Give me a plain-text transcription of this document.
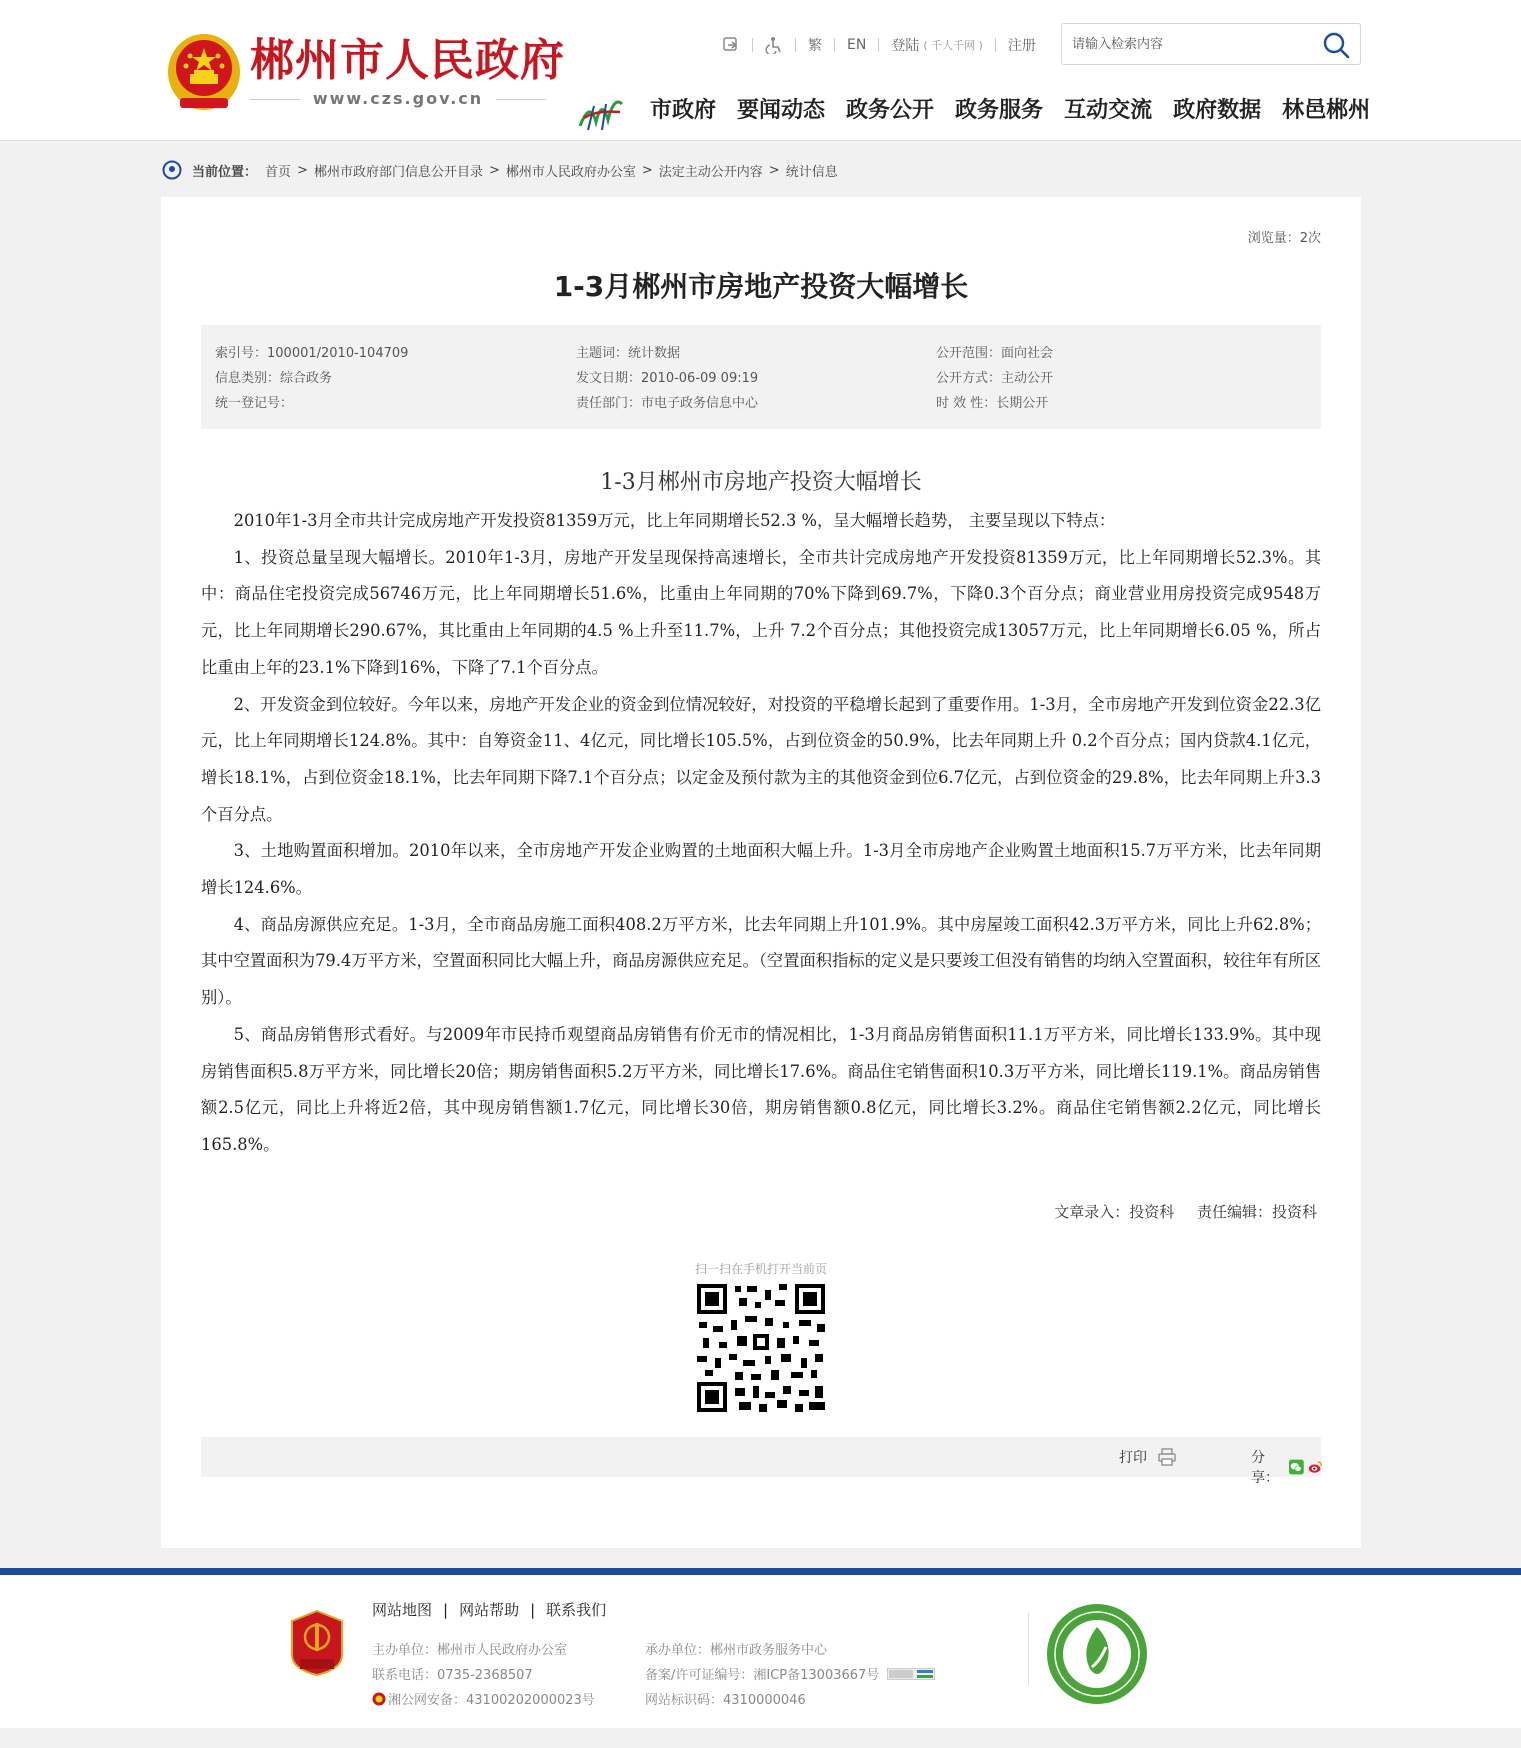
郴州市人民政府
www.czs.gov.cn
繁 EN 登陆 ( 千人千网 ) 注册
请输入检索内容
市政府 要闻动态 政务公开 政务服务 互动交流 政府数据 林邑郴州
当前位置： 首页 > 郴州市政府部门信息公开目录 > 郴州市人民政府办公室 > 法定主动公开内容 > 统计信息
浏览量：2次
1-3月郴州市房地产投资大幅增长
索引号：100001/2010-104709	主题词：统计数据	公开范围：面向社会
信息类别：综合政务	发文日期：2010-06-09 09:19	公开方式：主动公开
统一登记号：	责任部门：市电子政务信息中心	时 效 性：长期公开
1-3月郴州市房地产投资大幅增长

2010年1-3月全市共计完成房地产开发投资81359万元，比上年同期增长52.3 %，呈大幅增长趋势， 主要呈现以下特点：

1、投资总量呈现大幅增长。2010年1-3月，房地产开发呈现保持高速增长，全市共计完成房地产开发投资81359万元，比上年同期增长52.3%。其中：商品住宅投资完成56746万元，比上年同期增长51.6%，比重由上年同期的70%下降到69.7%，下降0.3个百分点；商业营业用房投资完成9548万元，比上年同期增长290.67%，其比重由上年同期的4.5 %上升至11.7%，上升 7.2个百分点；其他投资完成13057万元，比上年同期增长6.05 %，所占比重由上年的23.1%下降到16%，下降了7.1个百分点。

2、开发资金到位较好。今年以来，房地产开发企业的资金到位情况较好，对投资的平稳增长起到了重要作用。1-3月，全市房地产开发到位资金22.3亿元，比上年同期增长124.8%。其中：自筹资金11、4亿元，同比增长105.5%，占到位资金的50.9%，比去年同期上升 0.2个百分点；国内贷款4.1亿元，增长18.1%，占到位资金18.1%，比去年同期下降7.1个百分点；以定金及预付款为主的其他资金到位6.7亿元，占到位资金的29.8%，比去年同期上升3.3个百分点。

3、土地购置面积增加。2010年以来，全市房地产开发企业购置的土地面积大幅上升。1-3月全市房地产企业购置土地面积15.7万平方米，比去年同期增长124.6%。

4、商品房源供应充足。1-3月，全市商品房施工面积408.2万平方米，比去年同期上升101.9%。其中房屋竣工面积42.3万平方米，同比上升62.8%；其中空置面积为79.4万平方米，空置面积同比大幅上升，商品房源供应充足。（空置面积指标的定义是只要竣工但没有销售的均纳入空置面积，较往年有所区别）。

5、商品房销售形式看好。与2009年市民持币观望商品房销售有价无市的情况相比，1-3月商品房销售面积11.1万平方米，同比增长133.9%。其中现房销售面积5.8万平方米，同比增长20倍；期房销售面积5.2万平方米，同比增长17.6%。商品住宅销售面积10.3万平方米，同比增长119.1%。商品房销售额2.5亿元，同比上升将近2倍，其中现房销售额1.7亿元，同比增长30倍，期房销售额0.8亿元，同比增长3.2%。商品住宅销售额2.2亿元，同比增长165.8%。

文章录入：投资科 责任编辑：投资科
扫一扫在手机打开当前页
打印	分享：
网站地图 | 网站帮助 | 联系我们
主办单位：郴州市人民政府办公室	承办单位：郴州市政务服务中心
联系电话：0735-2368507	备案/许可证编号：湘ICP备13003667号
湘公网安备：43100202000023号	网站标识码：4310000046
